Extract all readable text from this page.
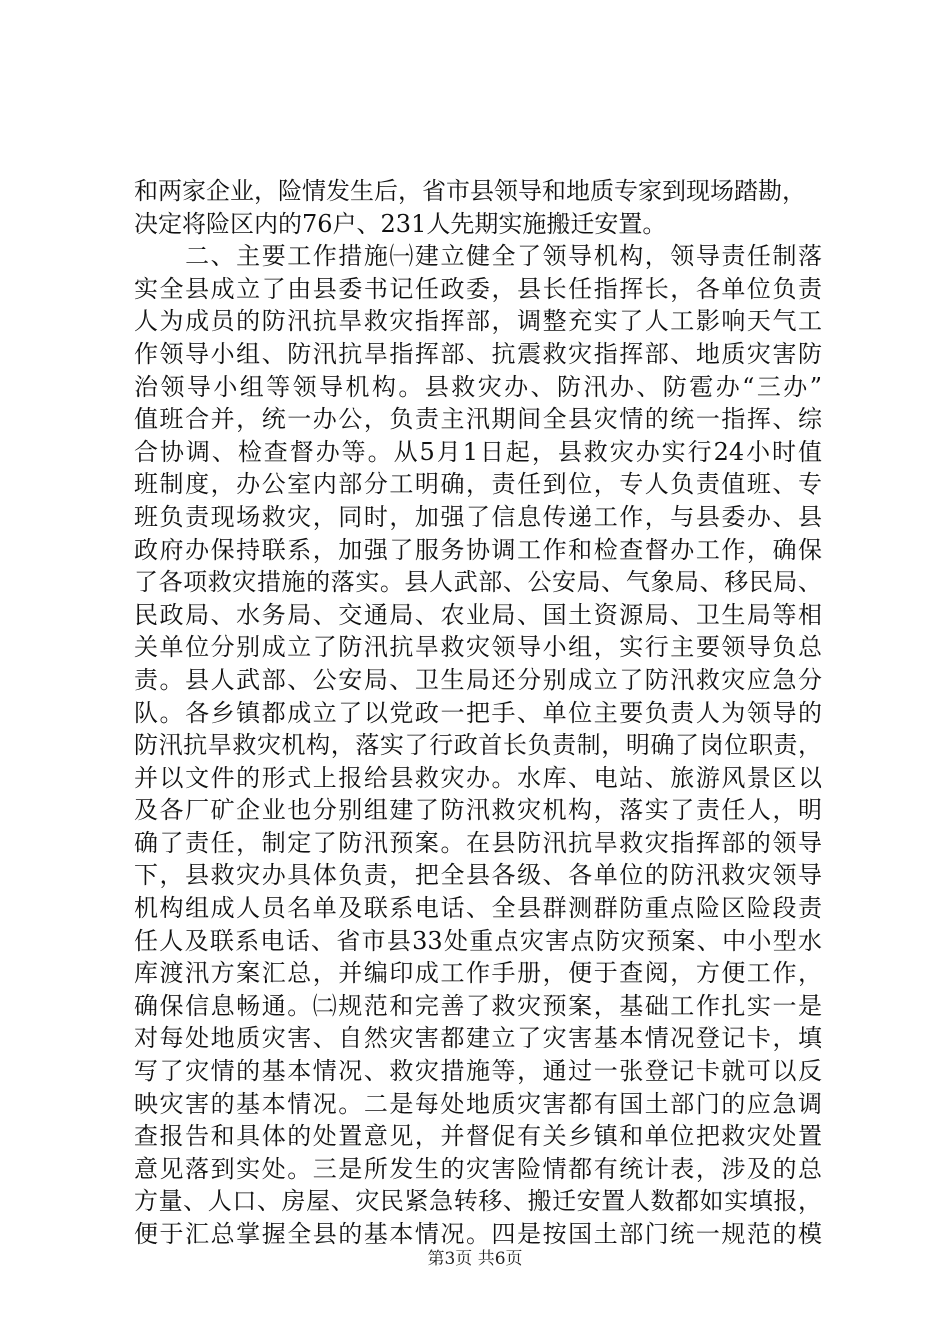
和两家企业，险情发生后，省市县领导和地质专家到现场踏勘，
决定将险区内的76户、231人先期实施搬迁安置。
　　二、主要工作措施㈠建立健全了领导机构，领导责任制落
实全县成立了由县委书记任政委，县长任指挥长，各单位负责
人为成员的防汛抗旱救灾指挥部，调整充实了人工影响天气工
作领导小组、防汛抗旱指挥部、抗震救灾指挥部、地质灾害防
治领导小组等领导机构。县救灾办、防汛办、防雹办“三办”
值班合并，统一办公，负责主汛期间全县灾情的统一指挥、综
合协调、检查督办等。从5月1日起，县救灾办实行24小时值
班制度，办公室内部分工明确，责任到位，专人负责值班、专
班负责现场救灾，同时，加强了信息传递工作，与县委办、县
政府办保持联系，加强了服务协调工作和检查督办工作，确保
了各项救灾措施的落实。县人武部、公安局、气象局、移民局、
民政局、水务局、交通局、农业局、国土资源局、卫生局等相
关单位分别成立了防汛抗旱救灾领导小组，实行主要领导负总
责。县人武部、公安局、卫生局还分别成立了防汛救灾应急分
队。各乡镇都成立了以党政一把手、单位主要负责人为领导的
防汛抗旱救灾机构，落实了行政首长负责制，明确了岗位职责，
并以文件的形式上报给县救灾办。水库、电站、旅游风景区以
及各厂矿企业也分别组建了防汛救灾机构，落实了责任人，明
确了责任，制定了防汛预案。在县防汛抗旱救灾指挥部的领导
下，县救灾办具体负责，把全县各级、各单位的防汛救灾领导
机构组成人员名单及联系电话、全县群测群防重点险区险段责
任人及联系电话、省市县33处重点灾害点防灾预案、中小型水
库渡汛方案汇总，并编印成工作手册，便于查阅，方便工作，
确保信息畅通。㈡规范和完善了救灾预案，基础工作扎实一是
对每处地质灾害、自然灾害都建立了灾害基本情况登记卡，填
写了灾情的基本情况、救灾措施等，通过一张登记卡就可以反
映灾害的基本情况。二是每处地质灾害都有国土部门的应急调
查报告和具体的处置意见，并督促有关乡镇和单位把救灾处置
意见落到实处。三是所发生的灾害险情都有统计表，涉及的总
方量、人口、房屋、灾民紧急转移、搬迁安置人数都如实填报，
便于汇总掌握全县的基本情况。四是按国土部门统一规范的模
第3页 共6页
